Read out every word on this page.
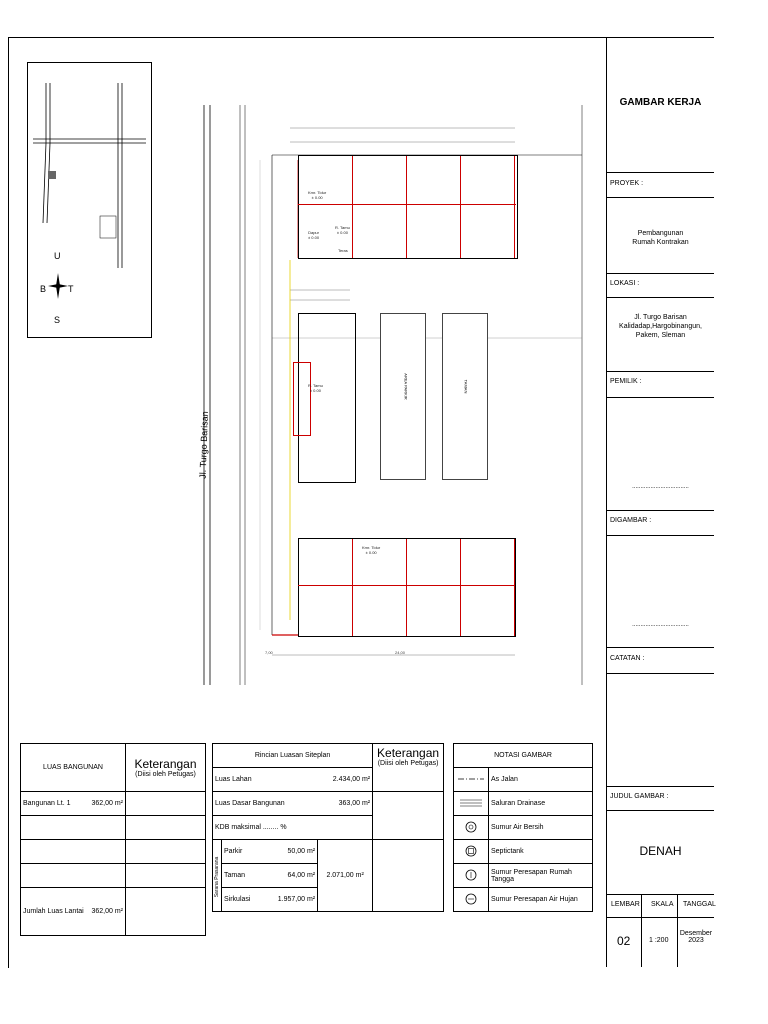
U
B T
S
7,00	24,00
Jl. Turgo Barisan
AREA PARKIR	TAMAN
Kmr. Tidur
± 0.00
R. Tamu
± 0.00
Dapur
± 0.00
Teras
Kmr. Tidur
± 0.00
R. Tamu
± 0.00
GAMBAR KERJA
PROYEK :
Pembangunan
Rumah Kontrakan
LOKASI :
Jl. Turgo Barisan
Kalidadap,Hargobinangun,
Pakem, Sleman
PEMILIK :
..................................
DIGAMBAR :
..................................
CATATAN :
JUDUL GAMBAR :
DENAH
LEMBAR SKALA TANGGAL
02	1 :200
Desember 2023
LUAS BANGUNAN	Keterangan
(Diisi oleh Petugas)

Bangunan Lt. 1 362,00 m²	

Jumlah Luas Lantai 362,00 m²	

Rincian Luasan Siteplan			Keterangan
(Diisi oleh Petugas)

Luas Lahan 2.434,00 m²			

Luas Dasar Bangunan 363,00 m²			

KDB maksimal ........ %			

Sarana Prasarana	Parkir 50,00 m²	2.071,00 m²	
	Taman 64,00 m²		

	Sirkulasi 1.957,00 m²		
NOTASI GAMBAR	
	As Jalan
	Saluran Drainase
	Sumur Air Bersih
	Septictank
	Sumur Peresapan Rumah Tangga
	Sumur Peresapan Air Hujan
